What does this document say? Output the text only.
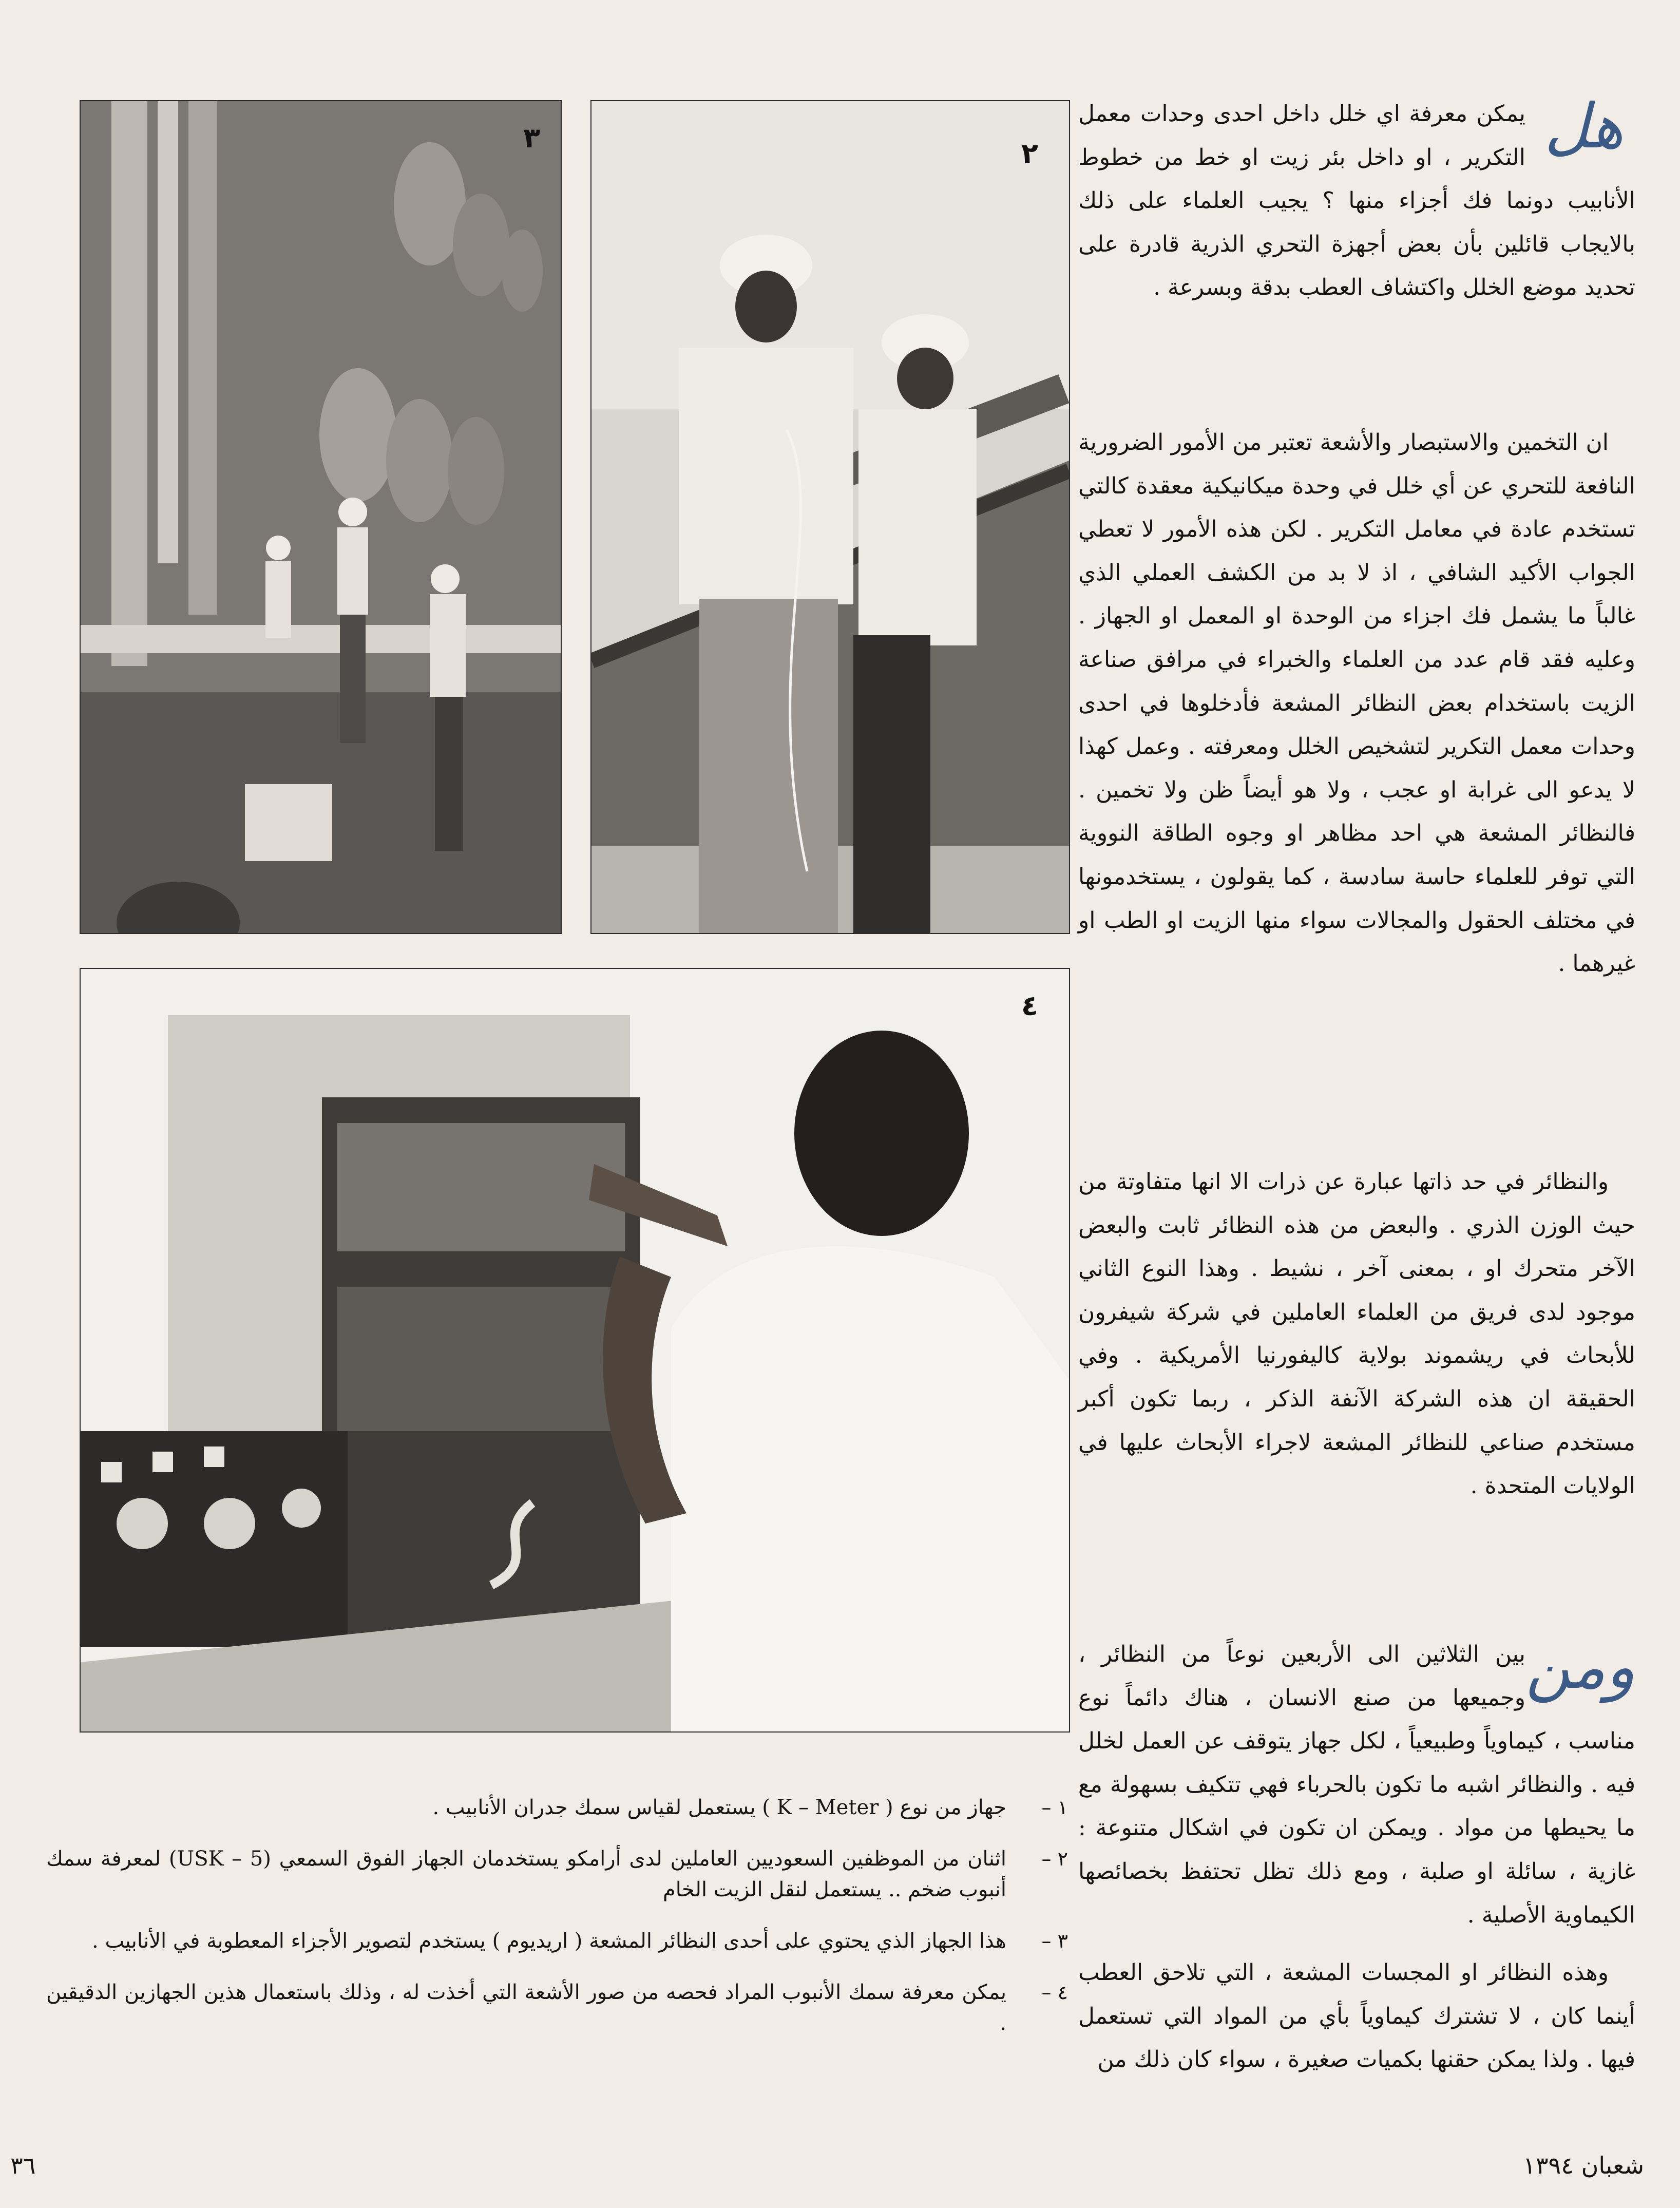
٣	٢
٤

هل
يمكن معرفة اي خلل داخل احدى وحدات معمل التكرير ، او داخل بئر زيت او خط من خطوط الأنابيب دونما فك أجزاء منها ؟ يجيب العلماء على ذلك بالايجاب قائلين بأن بعض أجهزة التحري الذرية قادرة على تحديد موضع الخلل واكتشاف العطب بدقة وبسرعة .

ان التخمين والاستبصار والأشعة تعتبر من الأمور الضرورية النافعة للتحري عن أي خلل في وحدة ميكانيكية معقدة كالتي تستخدم عادة في معامل التكرير . لكن هذه الأمور لا تعطي الجواب الأكيد الشافي ، اذ لا بد من الكشف العملي الذي غالباً ما يشمل فك اجزاء من الوحدة او المعمل او الجهاز . وعليه فقد قام عدد من العلماء والخبراء في مرافق صناعة الزيت باستخدام بعض النظائر المشعة فأدخلوها في احدى وحدات معمل التكرير لتشخيص الخلل ومعرفته . وعمل كهذا لا يدعو الى غرابة او عجب ، ولا هو أيضاً ظن ولا تخمين . فالنظائر المشعة هي احد مظاهر او وجوه الطاقة النووية التي توفر للعلماء حاسة سادسة ، كما يقولون ، يستخدمونها في مختلف الحقول والمجالات سواء منها الزيت او الطب او غيرهما .

والنظائر في حد ذاتها عبارة عن ذرات الا انها متفاوتة من حيث الوزن الذري . والبعض من هذه النظائر ثابت والبعض الآخر متحرك او ، بمعنى آخر ، نشيط . وهذا النوع الثاني موجود لدى فريق من العلماء العاملين في شركة شيفرون للأبحاث في ريشموند بولاية كاليفورنيا الأمريكية . وفي الحقيقة ان هذه الشركة الآنفة الذكر ، ربما تكون أكبر مستخدم صناعي للنظائر المشعة لاجراء الأبحاث عليها في الولايات المتحدة .

ومن
بين الثلاثين الى الأربعين نوعاً من النظائر ، وجميعها من صنع الانسان ، هناك دائماً نوع مناسب ، كيماوياً وطبيعياً ، لكل جهاز يتوقف عن العمل لخلل فيه . والنظائر اشبه ما تكون بالحرباء فهي تتكيف بسهولة مع ما يحيطها من مواد . ويمكن ان تكون في اشكال متنوعة : غازية ، سائلة او صلبة ، ومع ذلك تظل تحتفظ بخصائصها الكيماوية الأصلية .

وهذه النظائر او المجسات المشعة ، التي تلاحق العطب أينما كان ، لا تشترك كيماوياً بأي من المواد التي تستعمل فيها . ولذا يمكن حقنها بكميات صغيرة ، سواء كان ذلك من

١ –
جهاز من نوع ( K – Meter ) يستعمل لقياس سمك جدران الأنابيب .
٢ –
اثنان من الموظفين السعوديين العاملين لدى أرامكو يستخدمان الجهاز الفوق السمعي (USK – 5) لمعرفة سمك أنبوب ضخم .. يستعمل لنقل الزيت الخام
٣ –
هذا الجهاز الذي يحتوي على أحدى النظائر المشعة ( اريديوم ) يستخدم لتصوير الأجزاء المعطوبة في الأنابيب .
٤ –
يمكن معرفة سمك الأنبوب المراد فحصه من صور الأشعة التي أخذت له ، وذلك باستعمال هذين الجهازين الدقيقين .
٣٦	شعبان ١٣٩٤
